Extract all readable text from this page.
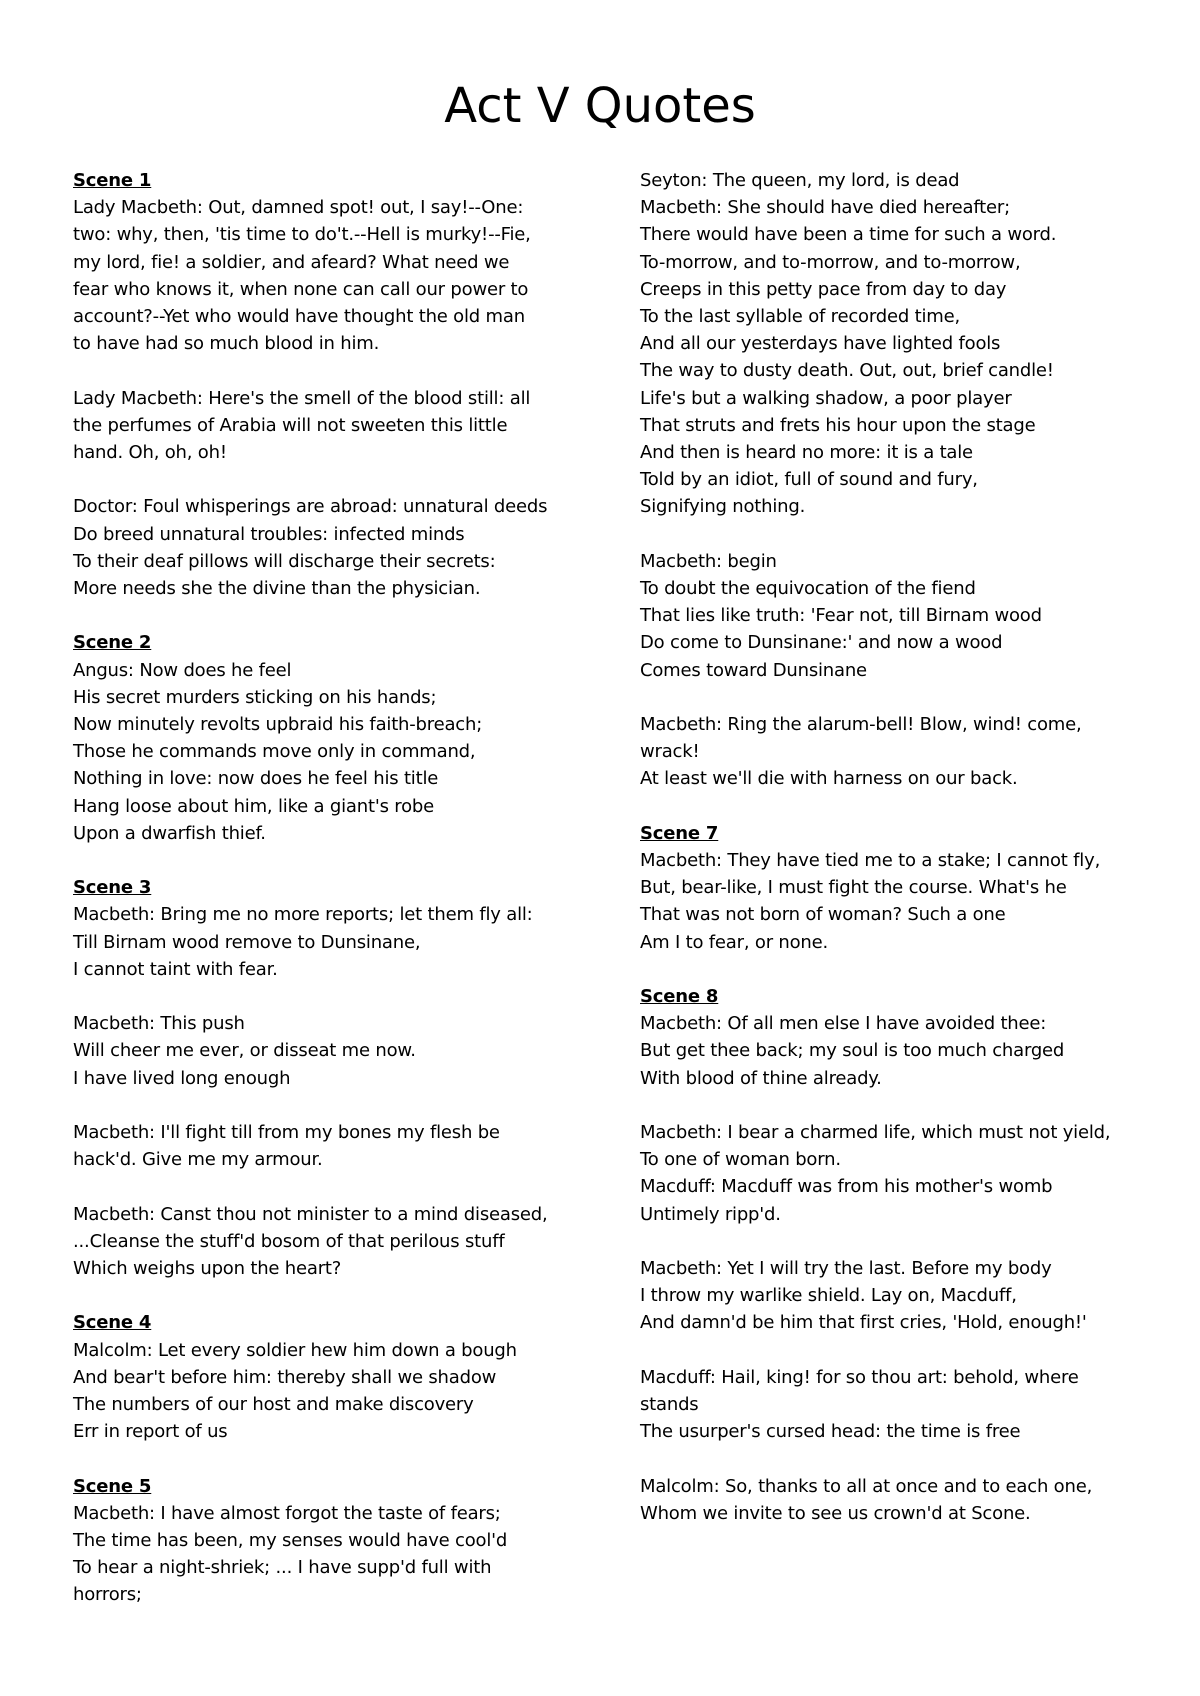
Act V Quotes
Scene 1
Lady Macbeth: Out, damned spot! out, I say!--One:
two: why, then, 'tis time to do't.--Hell is murky!--Fie,
my lord, fie! a soldier, and afeard? What need we
fear who knows it, when none can call our power to
account?--Yet who would have thought the old man
to have had so much blood in him.
Lady Macbeth: Here's the smell of the blood still: all
the perfumes of Arabia will not sweeten this little
hand. Oh, oh, oh!
Doctor: Foul whisperings are abroad: unnatural deeds
Do breed unnatural troubles: infected minds
To their deaf pillows will discharge their secrets:
More needs she the divine than the physician.
Scene 2
Angus: Now does he feel
His secret murders sticking on his hands;
Now minutely revolts upbraid his faith-breach;
Those he commands move only in command,
Nothing in love: now does he feel his title
Hang loose about him, like a giant's robe
Upon a dwarfish thief.
Scene 3
Macbeth: Bring me no more reports; let them fly all:
Till Birnam wood remove to Dunsinane,
I cannot taint with fear.
Macbeth: This push
Will cheer me ever, or disseat me now.
I have lived long enough
Macbeth: I'll fight till from my bones my flesh be
hack'd. Give me my armour.
Macbeth: Canst thou not minister to a mind diseased,
...Cleanse the stuff'd bosom of that perilous stuff
Which weighs upon the heart?
Scene 4
Malcolm: Let every soldier hew him down a bough
And bear't before him: thereby shall we shadow
The numbers of our host and make discovery
Err in report of us
Scene 5
Macbeth: I have almost forgot the taste of fears;
The time has been, my senses would have cool'd
To hear a night-shriek; ... I have supp'd full with
horrors;
Seyton: The queen, my lord, is dead
Macbeth: She should have died hereafter;
There would have been a time for such a word.
To-morrow, and to-morrow, and to-morrow,
Creeps in this petty pace from day to day
To the last syllable of recorded time,
And all our yesterdays have lighted fools
The way to dusty death. Out, out, brief candle!
Life's but a walking shadow, a poor player
That struts and frets his hour upon the stage
And then is heard no more: it is a tale
Told by an idiot, full of sound and fury,
Signifying nothing.
Macbeth: begin
To doubt the equivocation of the fiend
That lies like truth: 'Fear not, till Birnam wood
Do come to Dunsinane:' and now a wood
Comes toward Dunsinane
Macbeth: Ring the alarum-bell! Blow, wind! come,
wrack!
At least we'll die with harness on our back.
Scene 7
Macbeth: They have tied me to a stake; I cannot fly,
But, bear-like, I must fight the course. What's he
That was not born of woman? Such a one
Am I to fear, or none.
Scene 8
Macbeth: Of all men else I have avoided thee:
But get thee back; my soul is too much charged
With blood of thine already.
Macbeth: I bear a charmed life, which must not yield,
To one of woman born.
Macduff: Macduff was from his mother's womb
Untimely ripp'd.
Macbeth: Yet I will try the last. Before my body
I throw my warlike shield. Lay on, Macduff,
And damn'd be him that first cries, 'Hold, enough!'
Macduff: Hail, king! for so thou art: behold, where
stands
The usurper's cursed head: the time is free
Malcolm: So, thanks to all at once and to each one,
Whom we invite to see us crown'd at Scone.
